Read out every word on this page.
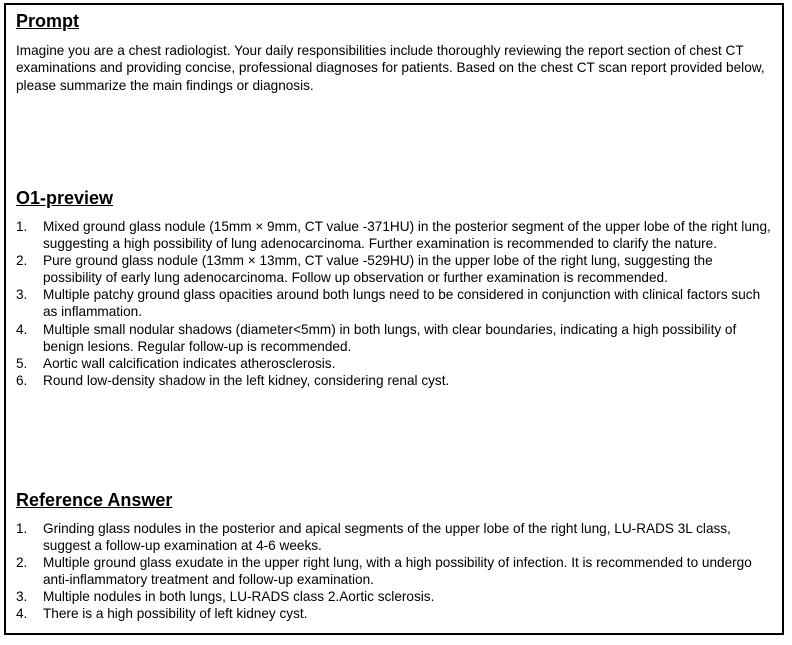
Prompt

Imagine you are a chest radiologist. Your daily responsibilities include thoroughly reviewing the report section of chest CT examinations and providing concise, professional diagnoses for patients. Based on the chest CT scan report provided below, please summarize the main findings or diagnosis.

O1-preview
1. Mixed ground glass nodule (15mm × 9mm, CT value -371HU) in the posterior segment of the upper lobe of the right lung, suggesting a high possibility of lung adenocarcinoma. Further examination is recommended to clarify the nature.
2. Pure ground glass nodule (13mm × 13mm, CT value -529HU) in the upper lobe of the right lung, suggesting the possibility of early lung adenocarcinoma. Follow up observation or further examination is recommended.
3. Multiple patchy ground glass opacities around both lungs need to be considered in conjunction with clinical factors such as inflammation.
4. Multiple small nodular shadows (diameter<5mm) in both lungs, with clear boundaries, indicating a high possibility of benign lesions. Regular follow-up is recommended.
5. Aortic wall calcification indicates atherosclerosis.
6. Round low-density shadow in the left kidney, considering renal cyst.
Reference Answer
1. Grinding glass nodules in the posterior and apical segments of the upper lobe of the right lung, LU-RADS 3L class, suggest a follow-up examination at 4-6 weeks.
2. Multiple ground glass exudate in the upper right lung, with a high possibility of infection. It is recommended to undergo anti-inflammatory treatment and follow-up examination.
3. Multiple nodules in both lungs, LU-RADS class 2.Aortic sclerosis.
4. There is a high possibility of left kidney cyst.
